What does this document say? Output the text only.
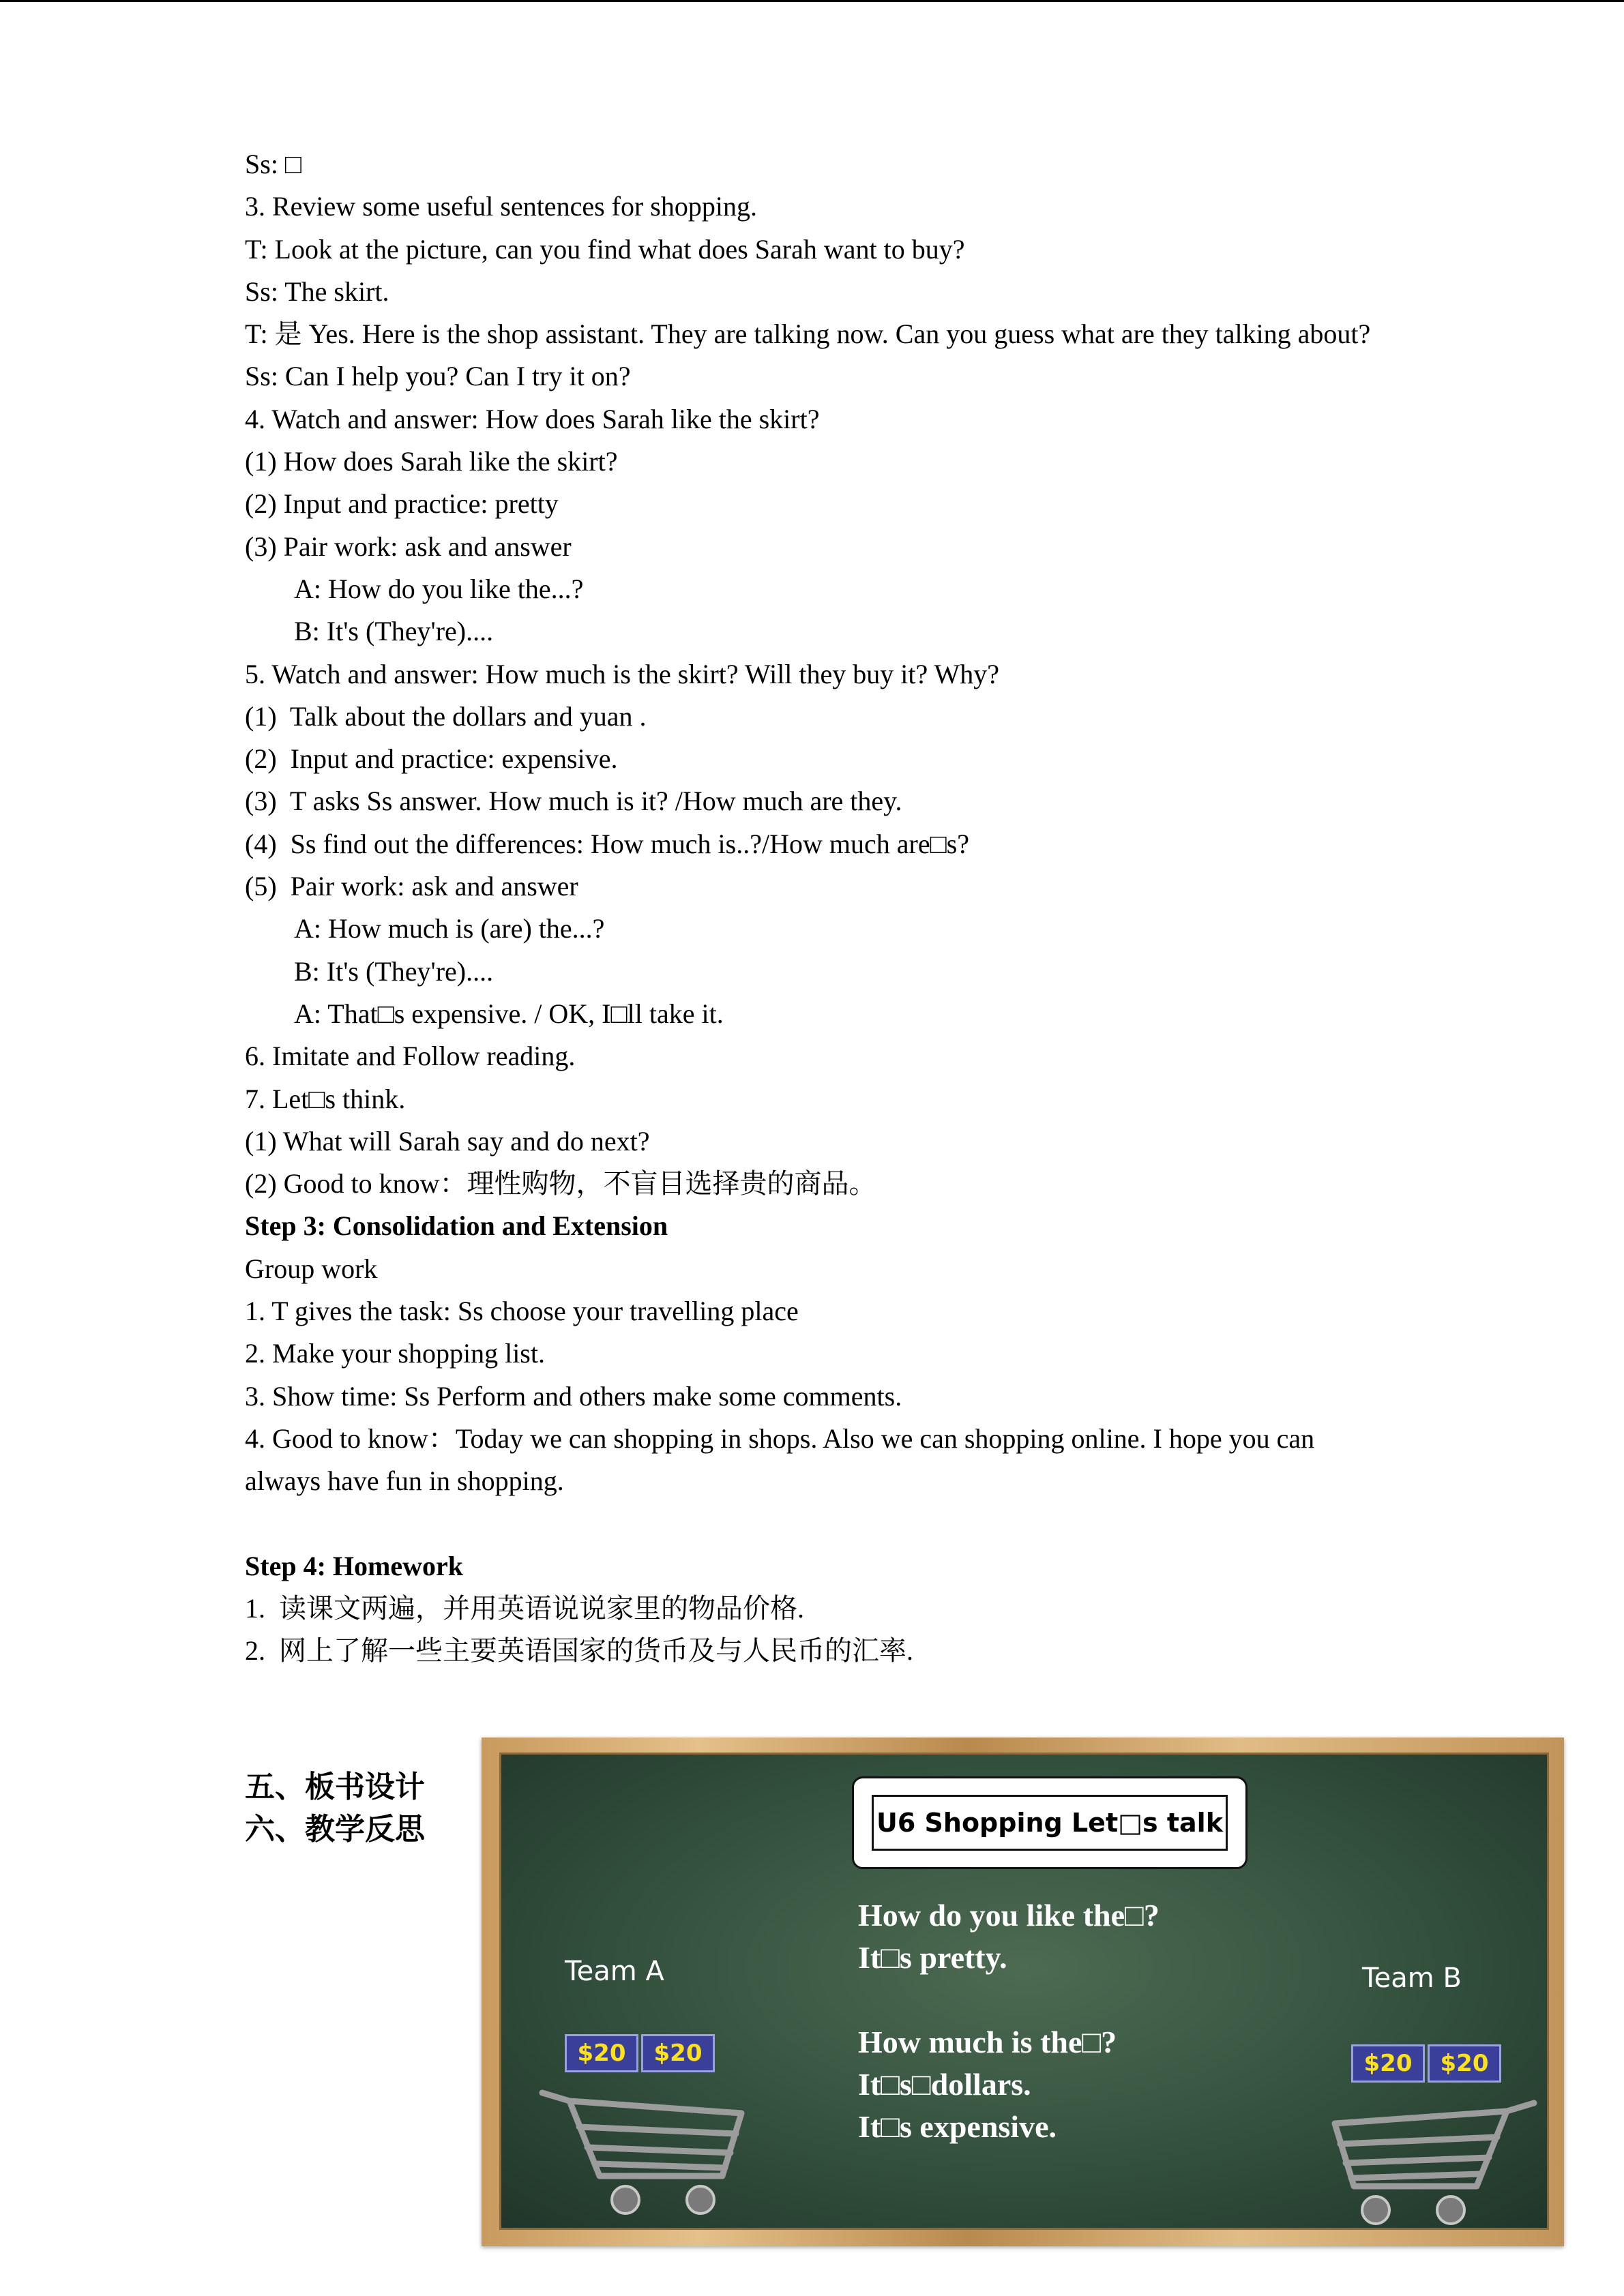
Ss: □
3. Review some useful sentences for shopping.
T: Look at the picture, can you find what does Sarah want to buy?
Ss: The skirt.
T: 是 Yes. Here is the shop assistant. They are talking now. Can you guess what are they talking about?
Ss: Can I help you? Can I try it on?
4. Watch and answer: How does Sarah like the skirt?
(1) How does Sarah like the skirt?
(2) Input and practice: pretty
(3) Pair work: ask and answer
A: How do you like the...?
B: It's (They're)....
5. Watch and answer: How much is the skirt? Will they buy it? Why?
(1)  Talk about the dollars and yuan .
(2)  Input and practice: expensive.
(3)  T asks Ss answer. How much is it? /How much are they.
(4)  Ss find out the differences: How much is..?/How much are□s?
(5)  Pair work: ask and answer
A: How much is (are) the...?
B: It's (They're)....
A: That□s expensive. / OK, I□ll take it.
6. Imitate and Follow reading.
7. Let□s think.
(1) What will Sarah say and do next?
(2) Good to know：理性购物，不盲目选择贵的商品。
Step 3: Consolidation and Extension
Group work
1. T gives the task: Ss choose your travelling place
2. Make your shopping list.
3. Show time: Ss Perform and others make some comments.
4. Good to know：Today we can shopping in shops. Also we can shopping online. I hope you can always have fun in shopping.
Step 4: Homework
1.  读课文两遍，并用英语说说家里的物品价格.
2.  网上了解一些主要英语国家的货币及与人民币的汇率.
五、板书设计
六、教学反思	U6 Shopping Let□s talk
How do you like the□?
It□s pretty.
How much is the□?
It□s□dollars.
It□s expensive.
Team A	Team B
$20	$20	$20	$20
